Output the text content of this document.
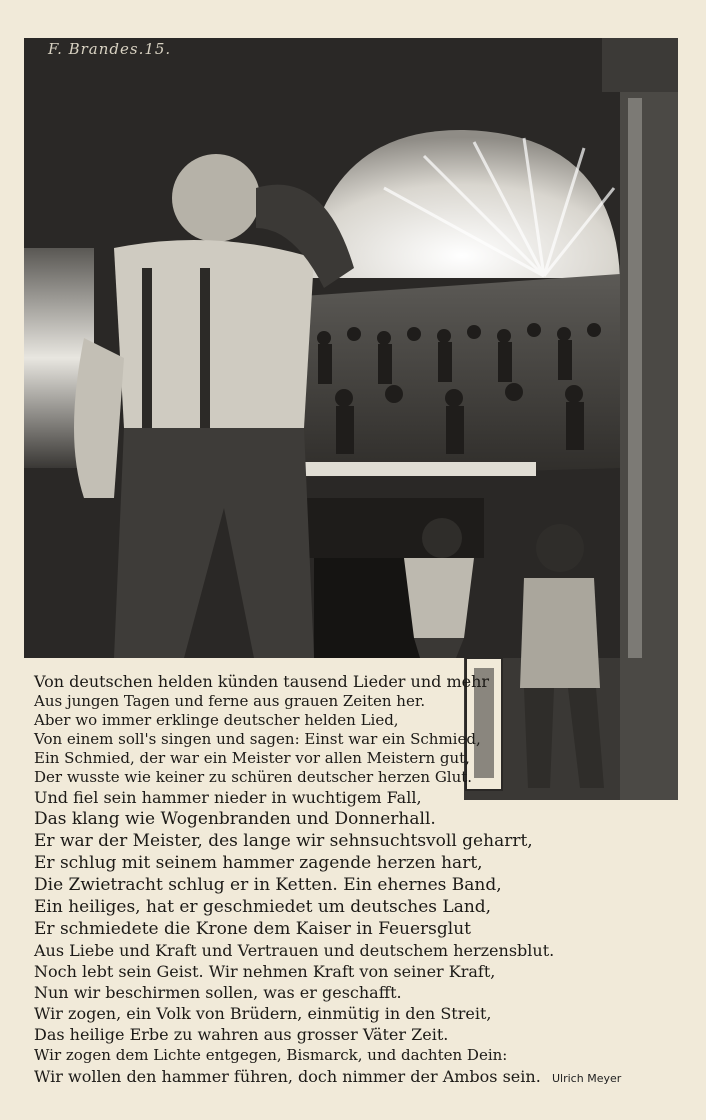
F. Brandes.15.
Von deutschen helden künden tausend Lieder und mehr
Aus jungen Tagen und ferne aus grauen Zeiten her.
Aber wo immer erklinge deutscher helden Lied,
Von einem soll's singen und sagen: Einst war ein Schmied,
Ein Schmied, der war ein Meister vor allen Meistern gut,
Der wusste wie keiner zu schüren deutscher herzen Glut.
Und fiel sein hammer nieder in wuchtigem Fall,
Das klang wie Wogenbranden und Donnerhall.
Er war der Meister, des lange wir sehnsuchtsvoll geharrt,
Er schlug mit seinem hammer zagende herzen hart,
Die Zwietracht schlug er in Ketten. Ein ehernes Band,
Ein heiliges, hat er geschmiedet um deutsches Land,
Er schmiedete die Krone dem Kaiser in Feuersglut
Aus Liebe und Kraft und Vertrauen und deutschem herzensblut.
Noch lebt sein Geist. Wir nehmen Kraft von seiner Kraft,
Nun wir beschirmen sollen, was er geschafft.
Wir zogen, ein Volk von Brüdern, einmütig in den Streit,
Das heilige Erbe zu wahren aus grosser Väter Zeit.
Wir zogen dem Lichte entgegen, Bismarck, und dachten Dein:
Wir wollen den hammer führen, doch nimmer der Ambos sein. Ulrich Meyer
